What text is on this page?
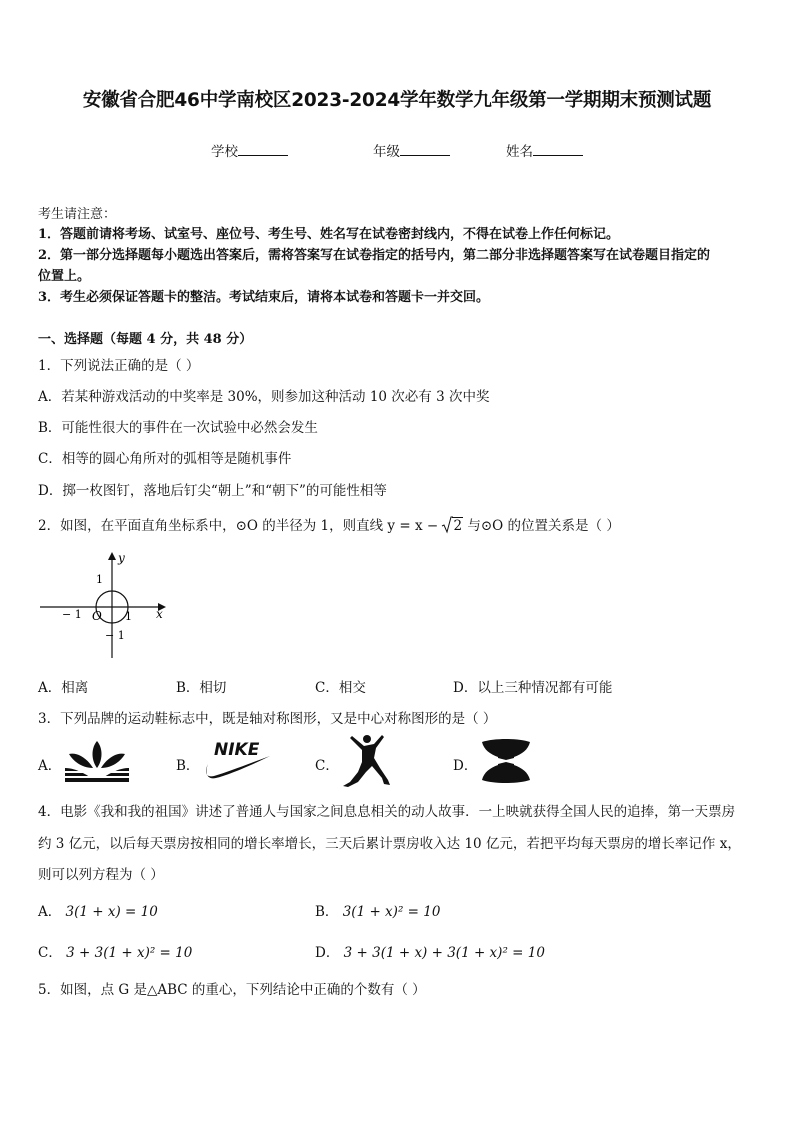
安徽省合肥46中学南校区2023-2024学年数学九年级第一学期期末预测试题
学校	年级	姓名
考生请注意：
1．答题前请将考场、试室号、座位号、考生号、姓名写在试卷密封线内，不得在试卷上作任何标记。
2．第一部分选择题每小题选出答案后，需将答案写在试卷指定的括号内，第二部分非选择题答案写在试卷题目指定的
位置上。
3．考生必须保证答题卡的整洁。考试结束后，请将本试卷和答题卡一并交回。
一、选择题（每题 4 分，共 48 分）
1．下列说法正确的是（ ）
A．若某种游戏活动的中奖率是 30%，则参加这种活动 10 次必有 3 次中奖
B．可能性很大的事件在一次试验中必然会发生
C．相等的圆心角所对的弧相等是随机事件
D．掷一枚图钉，落地后钉尖“朝上”和“朝下”的可能性相等
2．如图，在平面直角坐标系中，⊙O 的半径为 1，则直线 y = x − 2 与⊙O 的位置关系是（ ）
y
x
1
− 1 O 1
− 1
A．相离	B．相切	C．相交	D．以上三种情况都有可能
3．下列品牌的运动鞋标志中，既是轴对称图形，又是中心对称图形的是（ ）
A．	B．
NIKE
C．	D．
4．电影《我和我的祖国》讲述了普通人与国家之间息息相关的动人故事．一上映就获得全国人民的追捧，第一天票房
约 3 亿元，以后每天票房按相同的增长率增长，三天后累计票房收入达 10 亿元，若把平均每天票房的增长率记作 x，
则可以列方程为（ ）
A． 3(1 + x) = 10	B． 3(1 + x)² = 10
C． 3 + 3(1 + x)² = 10	D． 3 + 3(1 + x) + 3(1 + x)² = 10
5．如图，点 G 是△ABC 的重心，下列结论中正确的个数有（ ）
